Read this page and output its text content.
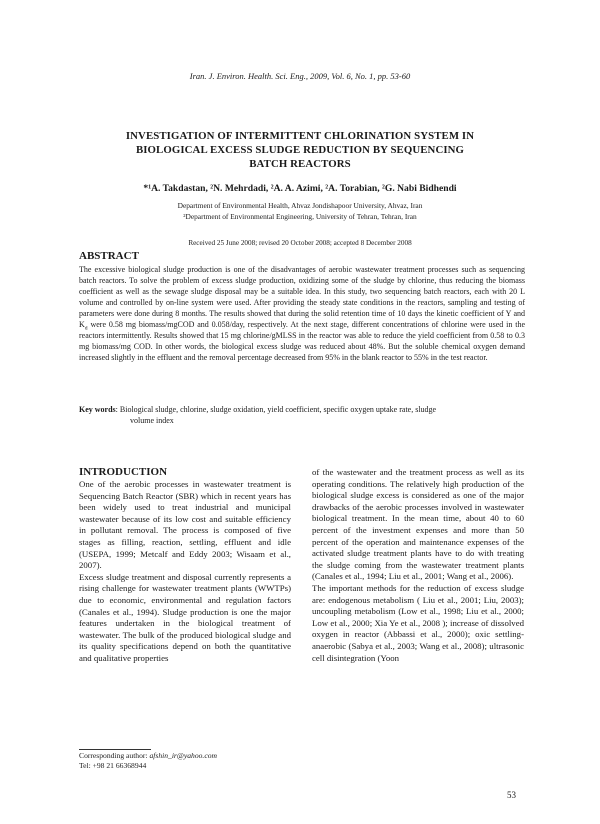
Iran. J. Environ. Health. Sci. Eng., 2009, Vol. 6, No. 1, pp. 53-60
INVESTIGATION OF INTERMITTENT CHLORINATION SYSTEM IN
BIOLOGICAL EXCESS SLUDGE REDUCTION BY SEQUENCING
BATCH REACTORS
*¹A. Takdastan, ²N. Mehrdadi, ²A. A. Azimi, ²A. Torabian, ²G. Nabi Bidhendi
Department of Environmental Health, Ahvaz Jondishapoor University, Ahvaz, Iran
²Department of Environmental Engineering, University of Tehran, Tehran, Iran
Received 25 June 2008; revised 20 October 2008; accepted 8 December 2008
ABSTRACT
The excessive biological sludge production is one of the disadvantages of aerobic wastewater treatment processes such as sequencing batch reactors. To solve the problem of excess sludge production, oxidizing some of the sludge by chlorine, thus reducing the biomass coefficient as well as the sewage sludge disposal may be a suitable idea. In this study, two sequencing batch reactors, each with 20 L volume and controlled by on-line system were used. After providing the steady state conditions in the reactors, sampling and testing of parameters were done during 8 months. The results showed that during the solid retention time of 10 days the kinetic coefficient of Y and $K_d$ were 0.58 mg biomass/mgCOD and 0.058/day, respectively. At the next stage, different concentrations of chlorine were used in the reactors intermittently. Results showed that 15 mg chlorine/gMLSS in the reactor was able to reduce the yield coefficient from 0.58 to 0.3 mg biomass/mg COD. In other words, the biological excess sludge was reduced about 48%. But the soluble chemical oxygen demand increased slightly in the effluent and the removal percentage decreased from 95% in the blank reactor to 55% in the test reactor.
Key words: Biological sludge, chlorine, sludge oxidation, yield coefficient, specific oxygen uptake rate, sludge
volume index
INTRODUCTION

One of the aerobic processes in wastewater treatment is Sequencing Batch Reactor (SBR) which in recent years has been widely used to treat industrial and municipal wastewater because of its low cost and suitable efficiency in pollutant removal. The process is composed of five stages as filling, reaction, settling, effluent and idle (USEPA, 1999; Metcalf and Eddy 2003; Wisaam et al., 2007).

Excess sludge treatment and disposal currently represents a rising challenge for wastewater treatment plants (WWTPs) due to economic, environmental and regulation factors (Canales et al., 1994). Sludge production is one the major features undertaken in the biological treatment of wastewater. The bulk of the produced biological sludge and its quality specifications depend on both the quantitative and qualitative properties

of the wastewater and the treatment process as well as its operating conditions. The relatively high production of the biological sludge excess is considered as one of the major drawbacks of the aerobic processes involved in wastewater biological treatment. In the mean time, about 40 to 60 percent of the investment expenses and more than 50 percent of the operation and maintenance expenses of the activated sludge treatment plants have to do with treating the sludge coming from the wastewater treatment plants (Canales et al., 1994; Liu et al., 2001; Wang et al., 2006).

The important methods for the reduction of excess sludge are: endogenous metabolism ( Liu et al., 2001; Liu, 2003); uncoupling metabolism (Low et al., 1998; Liu et al., 2000; Low et al., 2000; Xia Ye et al., 2008 ); increase of dissolved oxygen in reactor (Abbassi et al., 2000); oxic settling- anaerobic (Sabya et al., 2003; Wang et al., 2008); ultrasonic cell disintegration (Yoon

Corresponding author: afshin_ir@yahoo.com
Tel: +98 21 66368944
53
